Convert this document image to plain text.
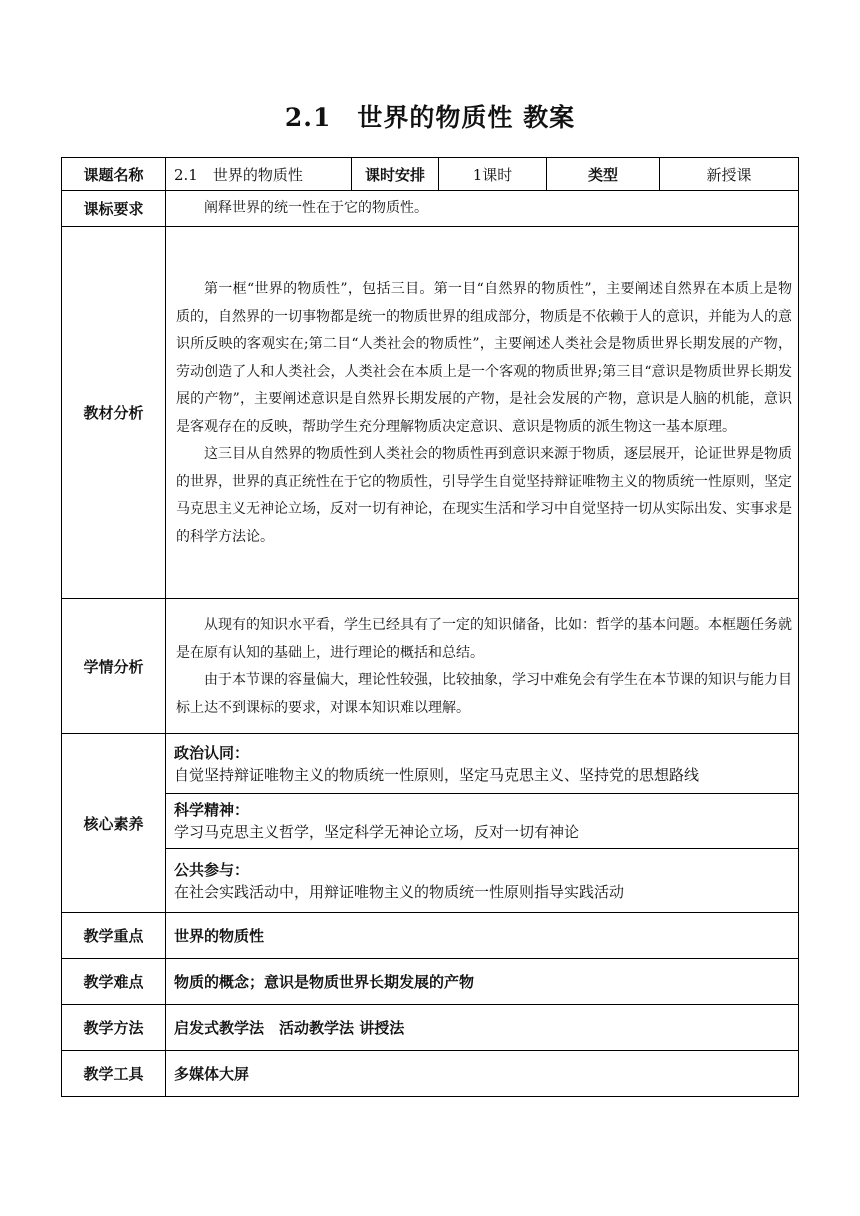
2.1　世界的物质性 教案
课题名称	2.1　世界的物质性	课时安排	1课时	类型	新授课
课标要求	阐释世界的统一性在于它的物质性。				

教材分析	第一框“世界的物质性”，包括三目。第一目“自然界的物质性”，主要阐述自然界在本质上是物质的，自然界的一切事物都是统一的物质世界的组成部分，物质是不依赖于人的意识，并能为人的意识所反映的客观实在;第二目“人类社会的物质性”，主要阐述人类社会是物质世界长期发展的产物，劳动创造了人和人类社会，人类社会在本质上是一个客观的物质世界;第三目“意识是物质世界长期发展的产物”，主要阐述意识是自然界长期发展的产物，是社会发展的产物，意识是人脑的机能，意识是客观存在的反映，帮助学生充分理解物质决定意识、意识是物质的派生物这一基本原理。

这三目从自然界的物质性到人类社会的物质性再到意识来源于物质，逐层展开，论证世界是物质的世界，世界的真正统性在于它的物质性，引导学生自觉坚持辩证唯物主义的物质统一性原则，坚定马克思主义无神论立场，反对一切有神论，在现实生活和学习中自觉坚持一切从实际出发、实事求是的科学方法论。				

学情分析	从现有的知识水平看，学生已经具有了一定的知识储备，比如：哲学的基本问题。本框题任务就是在原有认知的基础上，进行理论的概括和总结。

由于本节课的容量偏大，理论性较强，比较抽象，学习中难免会有学生在本节课的知识与能力目标上达不到课标的要求，对课本知识难以理解。				

核心素养	政治认同：
自觉坚持辩证唯物主义的物质统一性原则，坚定马克思主义、坚持党的思想路线				

	科学精神：
学习马克思主义哲学，坚定科学无神论立场，反对一切有神论				

	公共参与：
在社会实践活动中，用辩证唯物主义的物质统一性原则指导实践活动				

教学重点	世界的物质性				
教学难点	物质的概念；意识是物质世界长期发展的产物				
教学方法	启发式教学法　活动教学法 讲授法				
教学工具	多媒体大屏				
